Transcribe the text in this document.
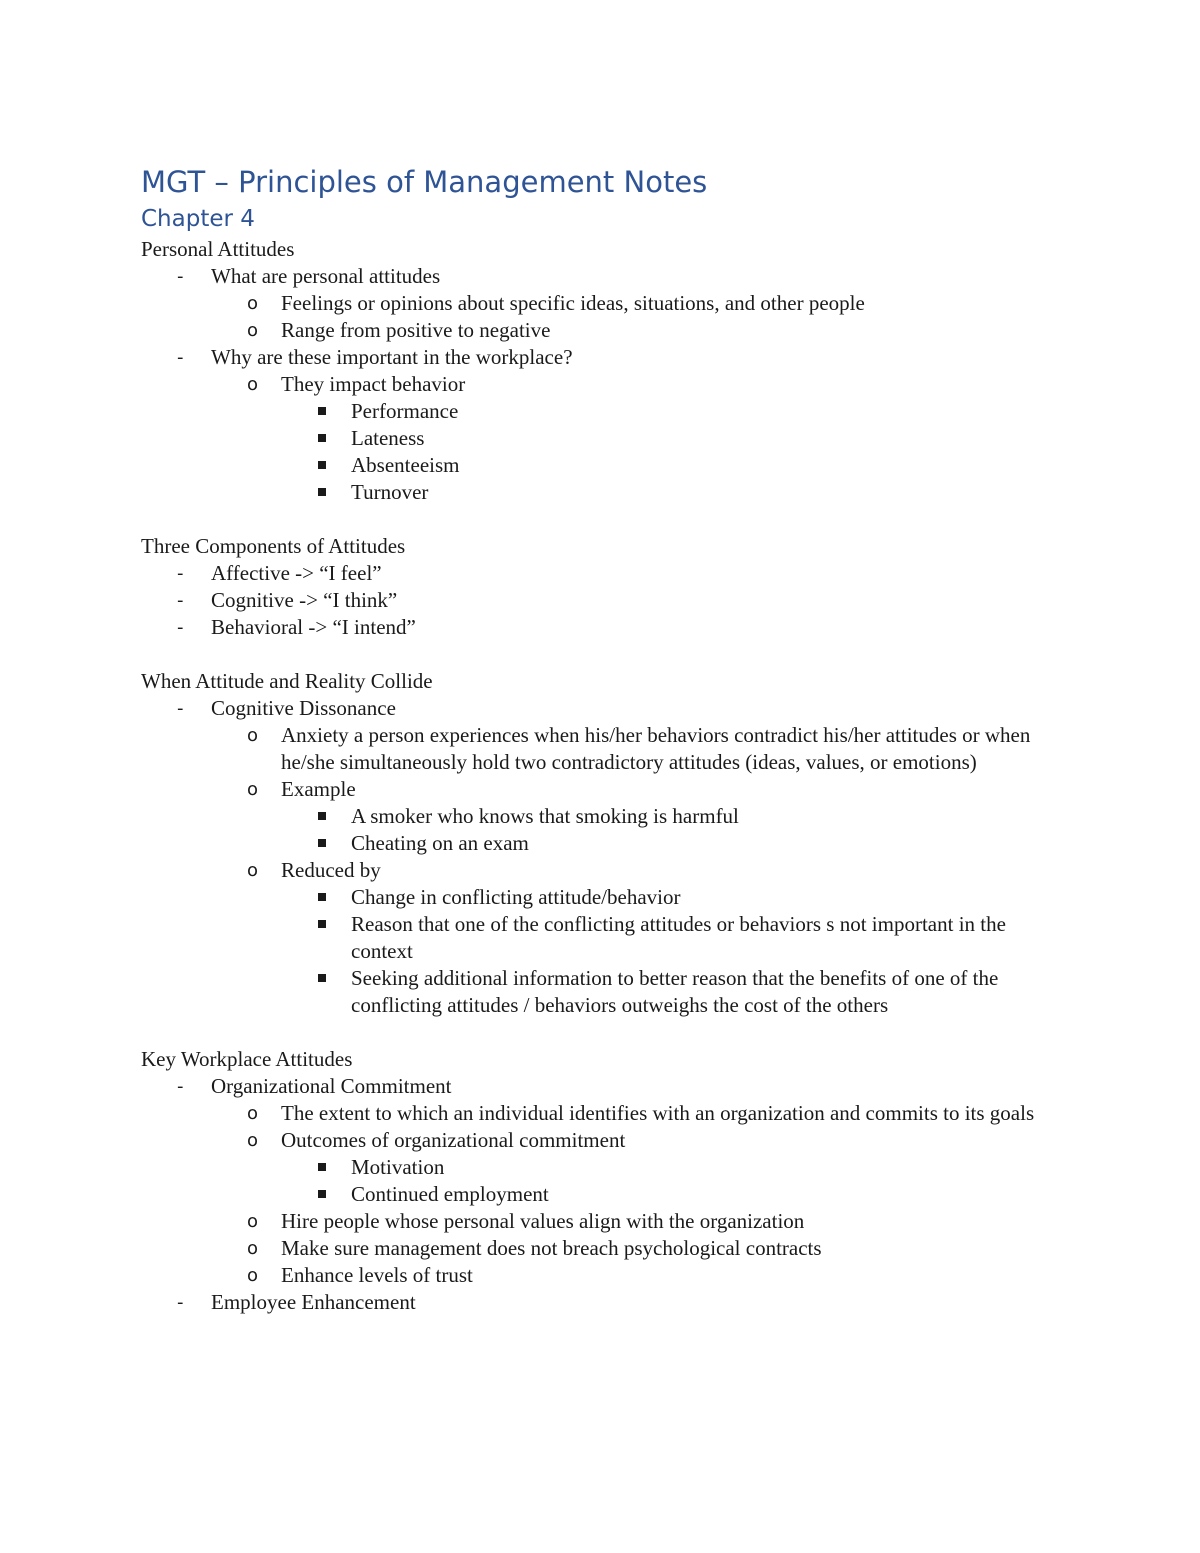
MGT – Principles of Management Notes
Chapter 4
Personal Attitudes
-	What are personal attitudes
o	Feelings or opinions about specific ideas, situations, and other people
o	Range from positive to negative
-	Why are these important in the workplace?
o	They impact behavior
Performance
Lateness
Absenteeism
Turnover
Three Components of Attitudes
-	Affective -> “I feel”
-	Cognitive -> “I think”
-	Behavioral -> “I intend”
When Attitude and Reality Collide
-	Cognitive Dissonance
o	Anxiety a person experiences when his/her behaviors contradict his/her attitudes or when he/she simultaneously hold two contradictory attitudes (ideas, values, or emotions)
o	Example
A smoker who knows that smoking is harmful
Cheating on an exam
o	Reduced by
Change in conflicting attitude/behavior
Reason that one of the conflicting attitudes or behaviors s not important in the context
Seeking additional information to better reason that the benefits of one of the conflicting attitudes / behaviors outweighs the cost of the others
Key Workplace Attitudes
-	Organizational Commitment
o	The extent to which an individual identifies with an organization and commits to its goals
o	Outcomes of organizational commitment
Motivation
Continued employment
o	Hire people whose personal values align with the organization
o	Make sure management does not breach psychological contracts
o	Enhance levels of trust
-	Employee Enhancement
